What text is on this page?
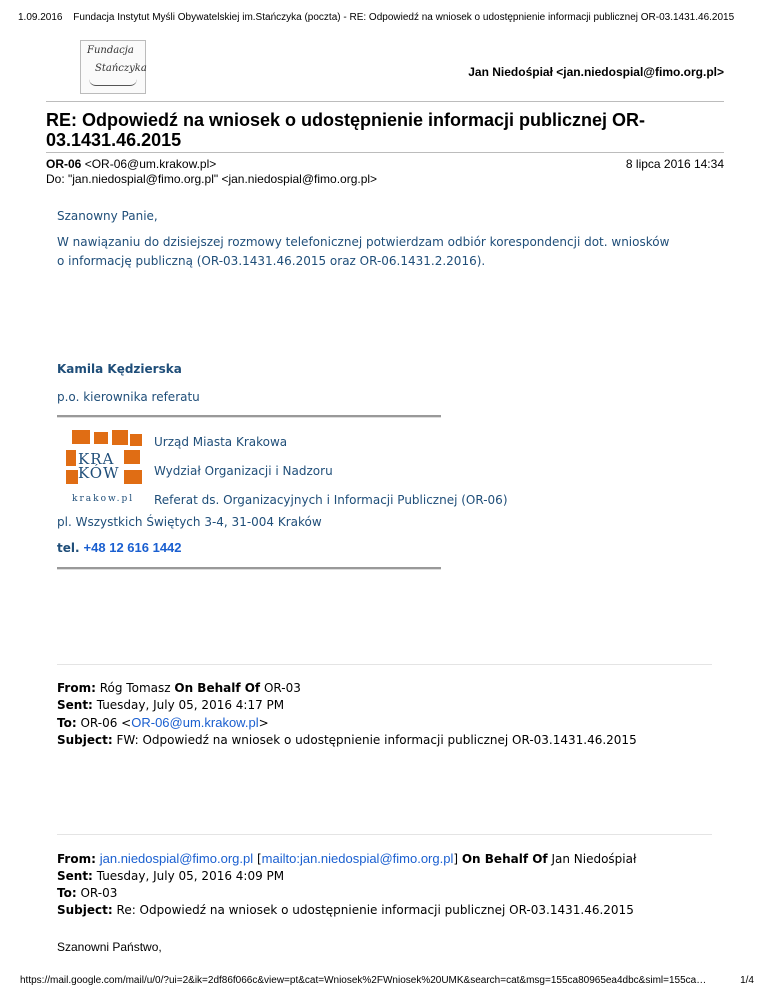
1.09.2016 Fundacja Instytut Myśli Obywatelskiej im.Stańczyka (poczta) - RE: Odpowiedź na wniosek o udostępnienie informacji publicznej OR-03.1431.46.2015
Fundacja
Stańczyka	Jan Niedośpiał <jan.niedospial@fimo.org.pl>
RE: Odpowiedź na wniosek o udostępnienie informacji publicznej OR-03.1431.46.2015
OR-06 <OR-06@um.krakow.pl>
Do: "jan.niedospial@fimo.org.pl" <jan.niedospial@fimo.org.pl>
8 lipca 2016 14:34
Szanowny Panie,
W nawiązaniu do dzisiejszej rozmowy telefonicznej potwierdzam odbiór korespondencji dot. wniosków o informację publiczną (OR-03.1431.46.2015 oraz OR-06.1431.2.2016).
Kamila Kędzierska
p.o. kierownika referatu
KRA
KÓW
krakow.pl
Urząd Miasta Krakowa
Wydział Organizacji i Nadzoru
Referat ds. Organizacyjnych i Informacji Publicznej (OR-06)
pl. Wszystkich Świętych 3-4, 31-004 Kraków
tel. +48 12 616 1442
From: Róg Tomasz On Behalf Of OR-03
Sent: Tuesday, July 05, 2016 4:17 PM
To: OR-06 <OR-06@um.krakow.pl>
Subject: FW: Odpowiedź na wniosek o udostępnienie informacji publicznej OR-03.1431.46.2015
From: jan.niedospial@fimo.org.pl [mailto:jan.niedospial@fimo.org.pl] On Behalf Of Jan Niedośpiał
Sent: Tuesday, July 05, 2016 4:09 PM
To: OR-03
Subject: Re: Odpowiedź na wniosek o udostępnienie informacji publicznej OR-03.1431.46.2015
Szanowni Państwo,
https://mail.google.com/mail/u/0/?ui=2&ik=2df86f066c&view=pt&cat=Wniosek%2FWniosek%20UMK&search=cat&msg=155ca80965ea4dbc&siml=155ca…	1/4
